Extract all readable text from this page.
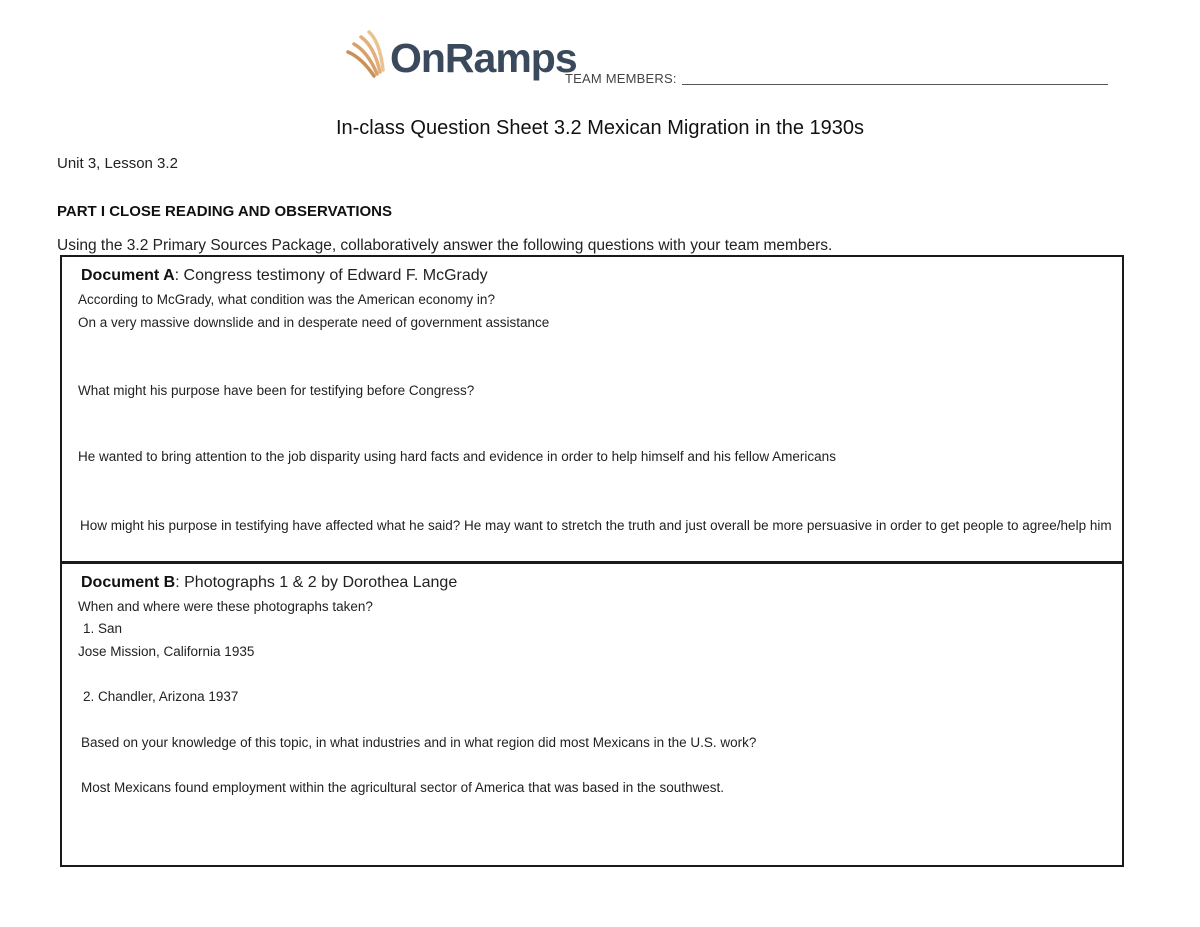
OnRamps
TEAM MEMBERS:
In-class Question Sheet 3.2 Mexican Migration in the 1930s
Unit 3, Lesson 3.2
PART I CLOSE READING AND OBSERVATIONS
Using the 3.2 Primary Sources Package, collaboratively answer the following questions with your team members.
Document A: Congress testimony of Edward F. McGrady
According to McGrady, what condition was the American economy in?
On a very massive downslide and in desperate need of government assistance
What might his purpose have been for testifying before Congress?
He wanted to bring attention to the job disparity using hard facts and evidence in order to help himself and his fellow Americans
How might his purpose in testifying have affected what he said? He may want to stretch the truth and just overall be more persuasive in order to get people to agree/help him
Document B: Photographs 1 & 2 by Dorothea Lange
When and where were these photographs taken?
1. San
Jose Mission, California 1935
2. Chandler, Arizona 1937
Based on your knowledge of this topic, in what industries and in what region did most Mexicans in the U.S. work?
Most Mexicans found employment within the agricultural sector of America that was based in the southwest.
